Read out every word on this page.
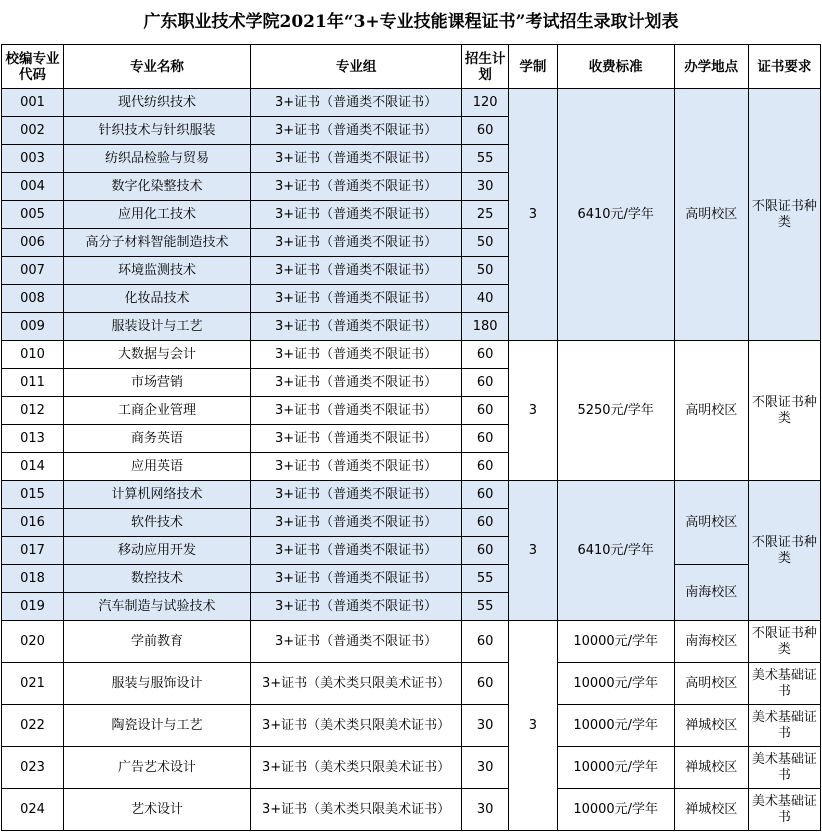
广东职业技术学院2021年“3+专业技能课程证书”考试招生录取计划表
校编专业代码	专业名称	专业组	招生计划	学制	收费标准	办学地点	证书要求
001	现代纺织技术	3+证书（普通类不限证书）	120	3	6410元/学年	高明校区	不限证书种类
002	针织技术与针织服装	3+证书（普通类不限证书）	60				
003	纺织品检验与贸易	3+证书（普通类不限证书）	55				
004	数字化染整技术	3+证书（普通类不限证书）	30				
005	应用化工技术	3+证书（普通类不限证书）	25				
006	高分子材料智能制造技术	3+证书（普通类不限证书）	50				
007	环境监测技术	3+证书（普通类不限证书）	50				
008	化妆品技术	3+证书（普通类不限证书）	40				
009	服装设计与工艺	3+证书（普通类不限证书）	180				
010	大数据与会计	3+证书（普通类不限证书）	60	3	5250元/学年	高明校区	不限证书种类
011	市场营销	3+证书（普通类不限证书）	60				
012	工商企业管理	3+证书（普通类不限证书）	60				
013	商务英语	3+证书（普通类不限证书）	60				
014	应用英语	3+证书（普通类不限证书）	60				
015	计算机网络技术	3+证书（普通类不限证书）	60	3	6410元/学年	高明校区	不限证书种类
016	软件技术	3+证书（普通类不限证书）	60				
017	移动应用开发	3+证书（普通类不限证书）	60				
018	数控技术	3+证书（普通类不限证书）	55			南海校区	
019	汽车制造与试验技术	3+证书（普通类不限证书）	55				
020	学前教育	3+证书（普通类不限证书）	60	3	10000元/学年	南海校区	不限证书种类
021	服装与服饰设计	3+证书（美术类只限美术证书）	60		10000元/学年	高明校区	美术基础证书
022	陶瓷设计与工艺	3+证书（美术类只限美术证书）	30		10000元/学年	禅城校区	美术基础证书
023	广告艺术设计	3+证书（美术类只限美术证书）	30		10000元/学年	禅城校区	美术基础证书
024	艺术设计	3+证书（美术类只限美术证书）	30		10000元/学年	禅城校区	美术基础证书
